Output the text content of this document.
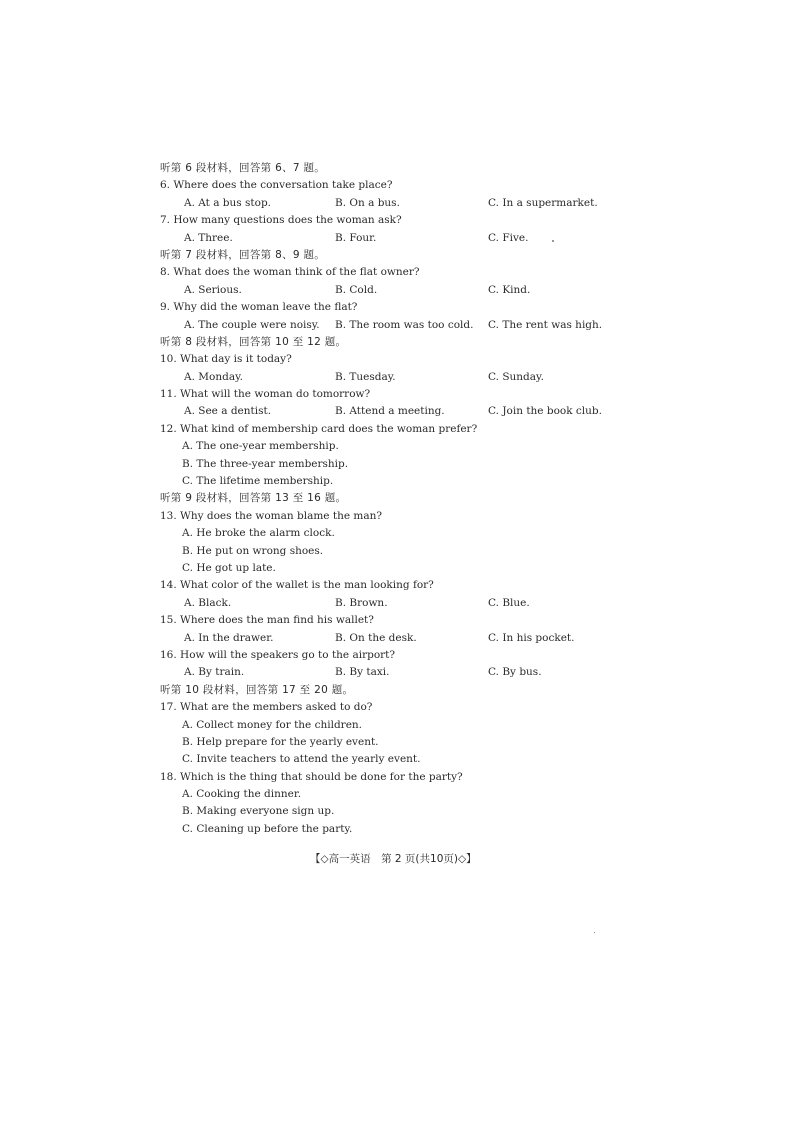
听第 6 段材料，回答第 6、7 题。
6. Where does the conversation take place?
A. At a bus stop.	B. On a bus.	C. In a supermarket.
7. How many questions does the woman ask?
A. Three.	B. Four.	C. Five.
听第 7 段材料，回答第 8、9 题。
8. What does the woman think of the flat owner?
A. Serious.	B. Cold.	C. Kind.
9. Why did the woman leave the flat?
A. The couple were noisy. B. The room was too cold. C. The rent was high.
听第 8 段材料，回答第 10 至 12 题。
10. What day is it today?
A. Monday.	B. Tuesday.	C. Sunday.
11. What will the woman do tomorrow?
A. See a dentist.	B. Attend a meeting.	C. Join the book club.
12. What kind of membership card does the woman prefer?
A. The one-year membership.
B. The three-year membership.
C. The lifetime membership.
听第 9 段材料，回答第 13 至 16 题。
13. Why does the woman blame the man?
A. He broke the alarm clock.
B. He put on wrong shoes.
C. He got up late.
14. What color of the wallet is the man looking for?
A. Black.	B. Brown.	C. Blue.
15. Where does the man find his wallet?
A. In the drawer.	B. On the desk.	C. In his pocket.
16. How will the speakers go to the airport?
A. By train.	B. By taxi.	C. By bus.
听第 10 段材料，回答第 17 至 20 题。
17. What are the members asked to do?
A. Collect money for the children.
B. Help prepare for the yearly event.
C. Invite teachers to attend the yearly event.
18. Which is the thing that should be done for the party?
A. Cooking the dinner.
B. Making everyone sign up.
C. Cleaning up before the party.
【◇高一英语　第 2 页(共10页)◇】
